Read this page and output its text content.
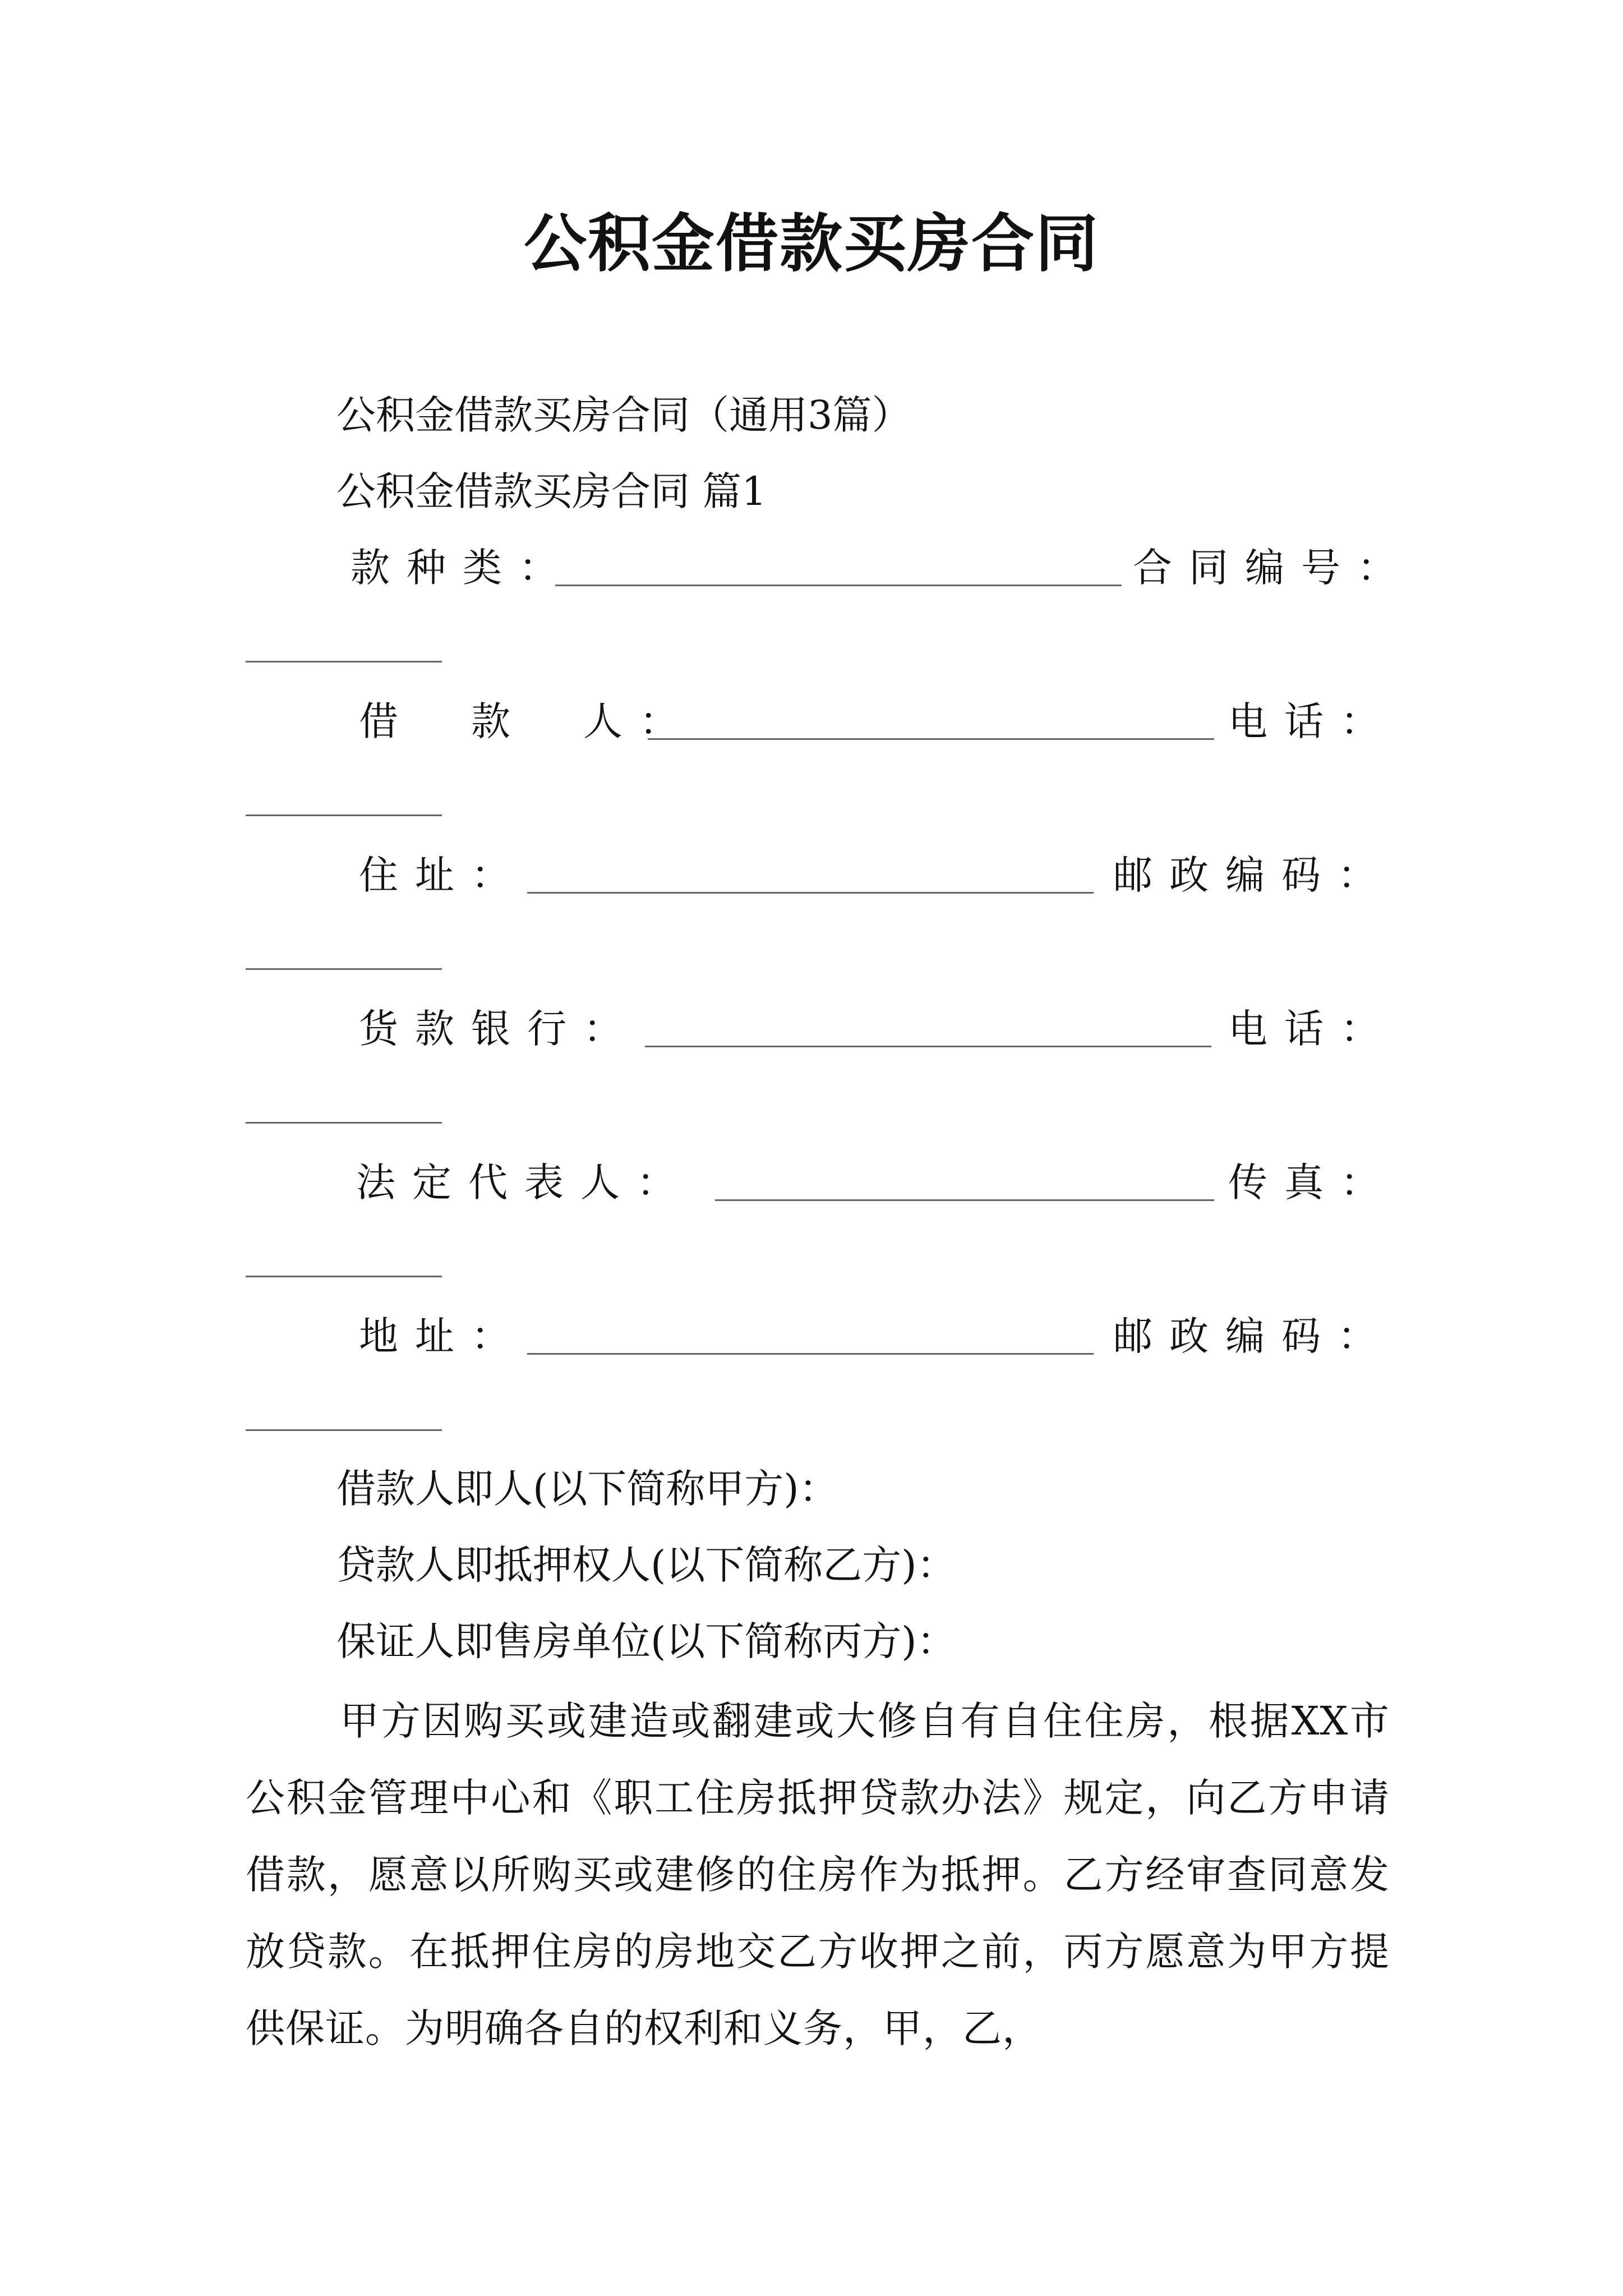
公积金借款买房合同
公积金借款买房合同（通用3篇）
公积金借款买房合同 篇1
款种类：	合同编号：
借　款　人：	电话：
住址：	邮政编码：
货款银行：	电话：
法定代表人：	传真：
地址：	邮政编码：
借款人即人(以下简称甲方)：
贷款人即抵押权人(以下简称乙方)：
保证人即售房单位(以下简称丙方)：
甲方因购买或建造或翻建或大修自有自住住房，根据XX市公积金管理中心和《职工住房抵押贷款办法》规定，向乙方申请借款，愿意以所购买或建修的住房作为抵押。乙方经审查同意发放贷款。在抵押住房的房地交乙方收押之前，丙方愿意为甲方提供保证。为明确各自的权利和义务，甲，乙，
